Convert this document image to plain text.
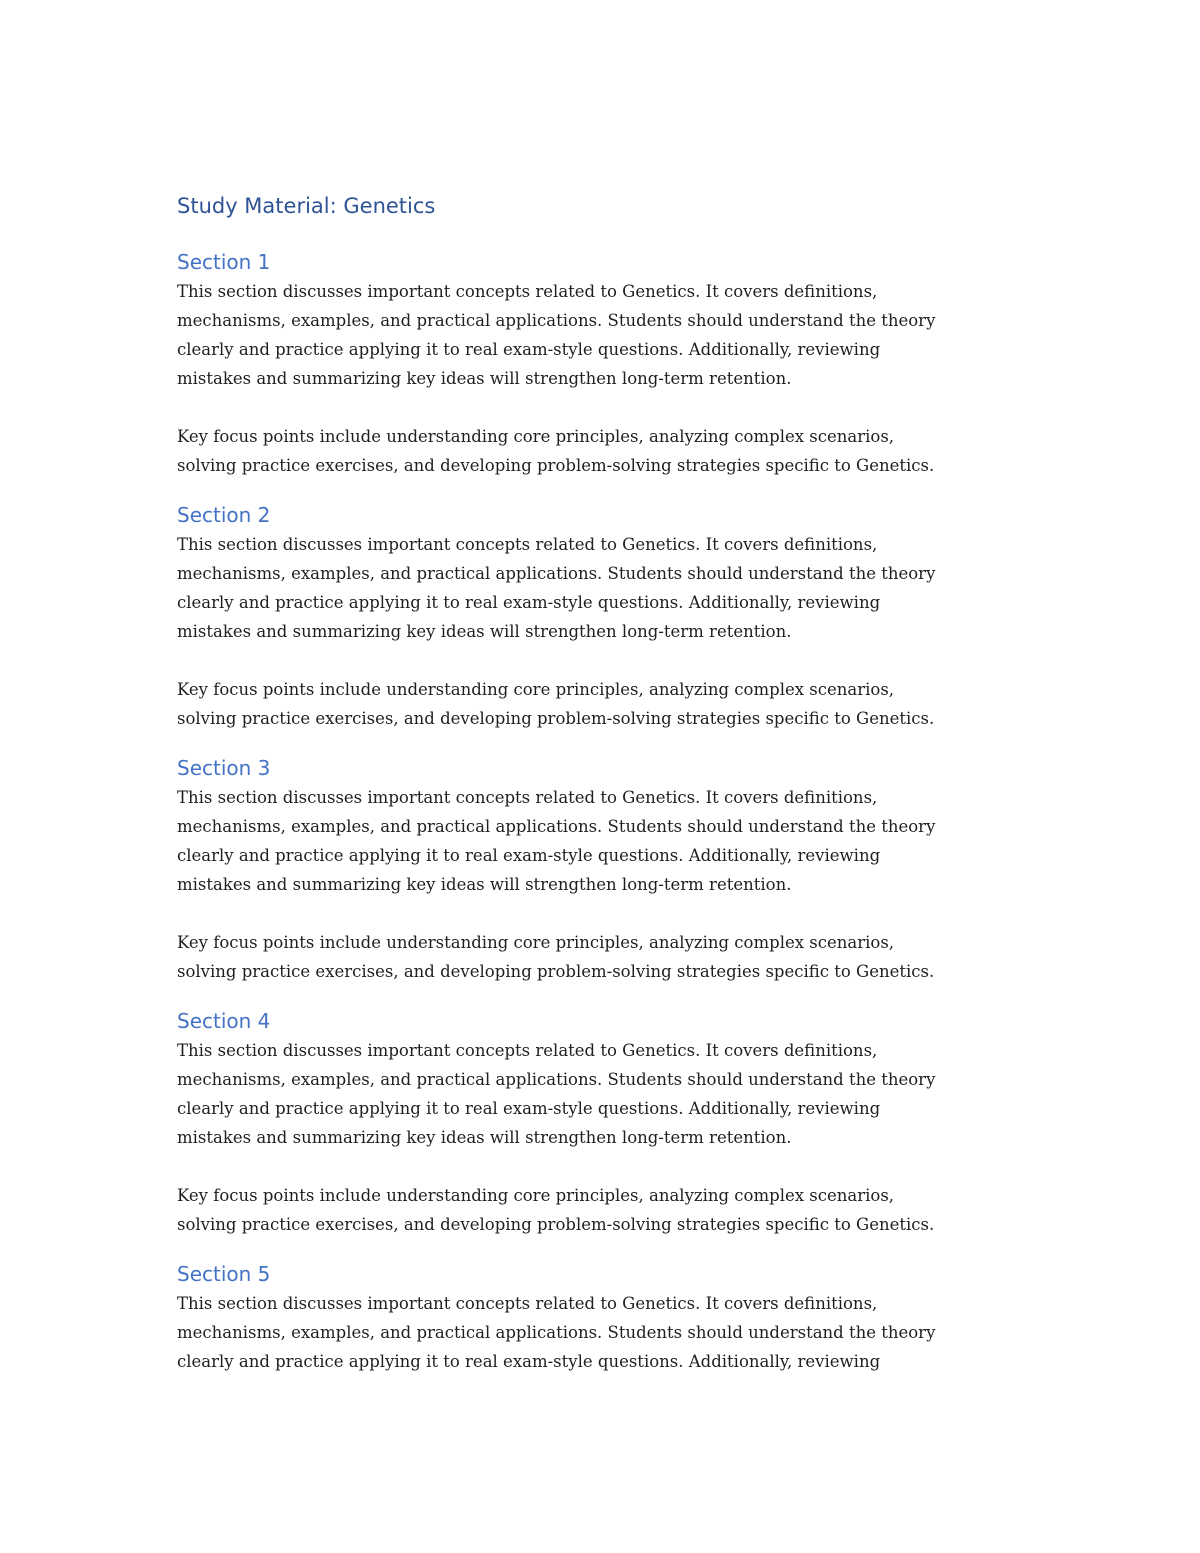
Study Material: Genetics
Section 1

This section discusses important concepts related to Genetics. It covers definitions,
mechanisms, examples, and practical applications. Students should understand the theory
clearly and practice applying it to real exam-style questions. Additionally, reviewing
mistakes and summarizing key ideas will strengthen long-term retention.

Key focus points include understanding core principles, analyzing complex scenarios,
solving practice exercises, and developing problem-solving strategies specific to Genetics.

Section 2

This section discusses important concepts related to Genetics. It covers definitions,
mechanisms, examples, and practical applications. Students should understand the theory
clearly and practice applying it to real exam-style questions. Additionally, reviewing
mistakes and summarizing key ideas will strengthen long-term retention.

Key focus points include understanding core principles, analyzing complex scenarios,
solving practice exercises, and developing problem-solving strategies specific to Genetics.

Section 3

This section discusses important concepts related to Genetics. It covers definitions,
mechanisms, examples, and practical applications. Students should understand the theory
clearly and practice applying it to real exam-style questions. Additionally, reviewing
mistakes and summarizing key ideas will strengthen long-term retention.

Key focus points include understanding core principles, analyzing complex scenarios,
solving practice exercises, and developing problem-solving strategies specific to Genetics.

Section 4

This section discusses important concepts related to Genetics. It covers definitions,
mechanisms, examples, and practical applications. Students should understand the theory
clearly and practice applying it to real exam-style questions. Additionally, reviewing
mistakes and summarizing key ideas will strengthen long-term retention.

Key focus points include understanding core principles, analyzing complex scenarios,
solving practice exercises, and developing problem-solving strategies specific to Genetics.

Section 5

This section discusses important concepts related to Genetics. It covers definitions,
mechanisms, examples, and practical applications. Students should understand the theory
clearly and practice applying it to real exam-style questions. Additionally, reviewing
